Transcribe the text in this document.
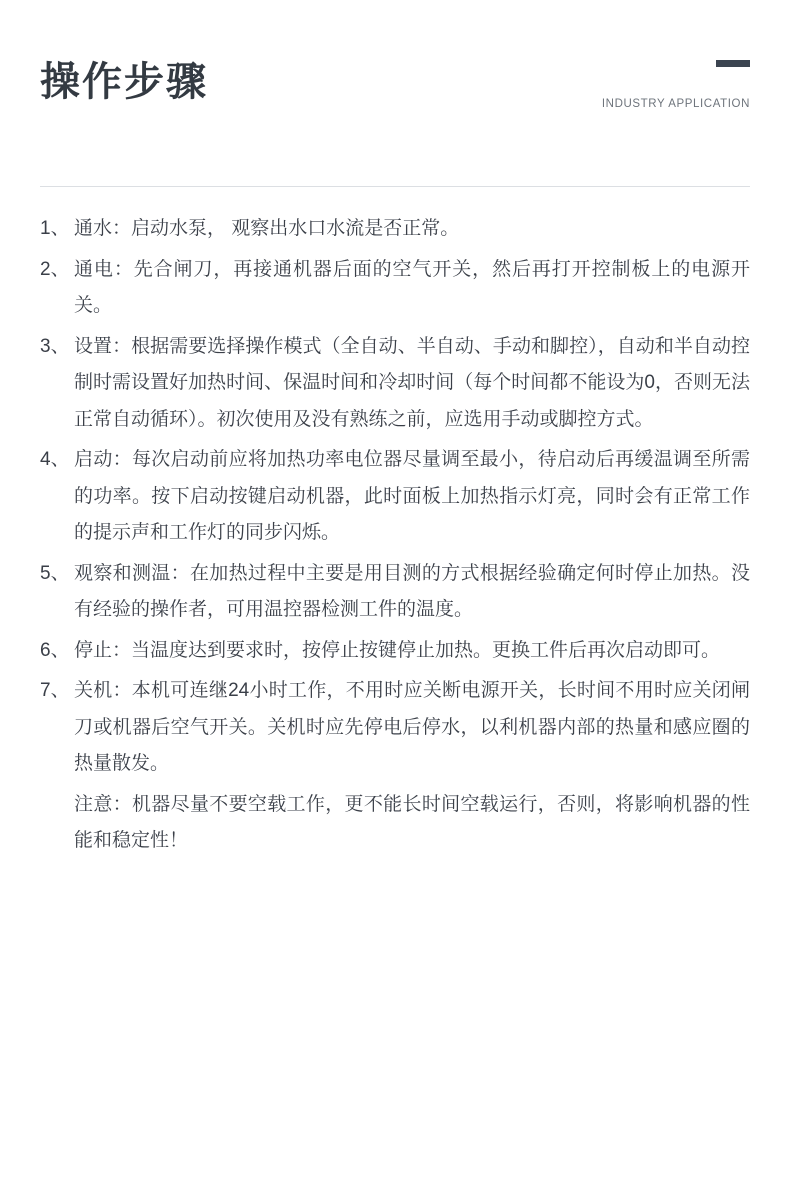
操作步骤	INDUSTRY APPLICATION
1、 通水：启动水泵， 观察出水口水流是否正常。
2、 通电：先合闸刀，再接通机器后面的空气开关，然后再打开控制板上的电源开关。
3、 设置：根据需要选择操作模式（全自动、半自动、手动和脚控），自动和半自动控制时需设置好加热时间、保温时间和冷却时间（每个时间都不能设为0，否则无法正常自动循环）。初次使用及没有熟练之前，应选用手动或脚控方式。
4、 启动：每次启动前应将加热功率电位器尽量调至最小，待启动后再缓温调至所需的功率。按下启动按键启动机器，此时面板上加热指示灯亮，同时会有正常工作的提示声和工作灯的同步闪烁。
5、 观察和测温：在加热过程中主要是用目测的方式根据经验确定何时停止加热。没有经验的操作者，可用温控器检测工件的温度。
6、 停止：当温度达到要求时，按停止按键停止加热。更换工件后再次启动即可。
7、 关机：本机可连继24小时工作，不用时应关断电源开关，长时间不用时应关闭闸刀或机器后空气开关。关机时应先停电后停水，以利机器内部的热量和感应圈的热量散发。
注意：机器尽量不要空载工作，更不能长时间空载运行，否则，将影响机器的性能和稳定性！
